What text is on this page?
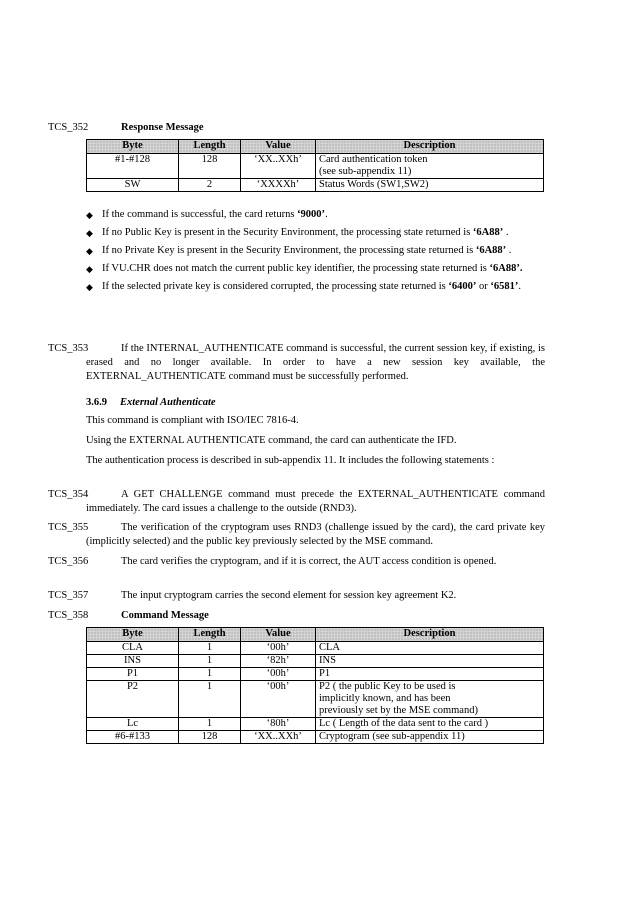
TCS_352	Response Message
Byte	Length	Value	Description
#1-#128	128	‘XX..XXh’	Card authentication token
(see sub-appendix 11)

SW	2	‘XXXXh’	Status Words (SW1,SW2)
◆ If the command is successful, the card returns ‘9000’.
◆ If no Public Key is present in the Security Environment, the processing state returned is ‘6A88’ .
◆ If no Private Key is present in the Security Environment, the processing state returned is ‘6A88’ .
◆ If VU.CHR does not match the current public key identifier, the processing state returned is ‘6A88’.
◆ If the selected private key is considered corrupted, the processing state returned is ‘6400’ or ‘6581’.
TCS_353	If the INTERNAL_AUTHENTICATE command is successful, the current session key, if existing, is erased and no longer available. In order to have a new session key available, the EXTERNAL_AUTHENTICATE command must be successfully performed.
3.6.9 External Authenticate
This command is compliant with ISO/IEC 7816-4.
Using the EXTERNAL AUTHENTICATE command, the card can authenticate the IFD.
The authentication process is described in sub-appendix 11. It includes the following statements :
TCS_354	A GET CHALLENGE command must precede the EXTERNAL_AUTHENTICATE command immediately. The card issues a challenge to the outside (RND3).
TCS_355	The verification of the cryptogram uses RND3 (challenge issued by the card), the card private key (implicitly selected) and the public key previously selected by the MSE command.
TCS_356	The card verifies the cryptogram, and if it is correct, the AUT access condition is opened.
TCS_357	The input cryptogram carries the second element for session key agreement K2.
TCS_358	Command Message
Byte	Length	Value	Description
CLA	1	‘00h’	CLA
INS	1	‘82h’	INS
P1	1	‘00h’	P1
P2	1	‘00h’	P2 ( the public Key to be used is implicitly known, and has been previously set by the MSE command)
Lc	1	‘80h’	Lc ( Length of the data sent to the card )
#6-#133	128	‘XX..XXh’	Cryptogram (see sub-appendix 11)
